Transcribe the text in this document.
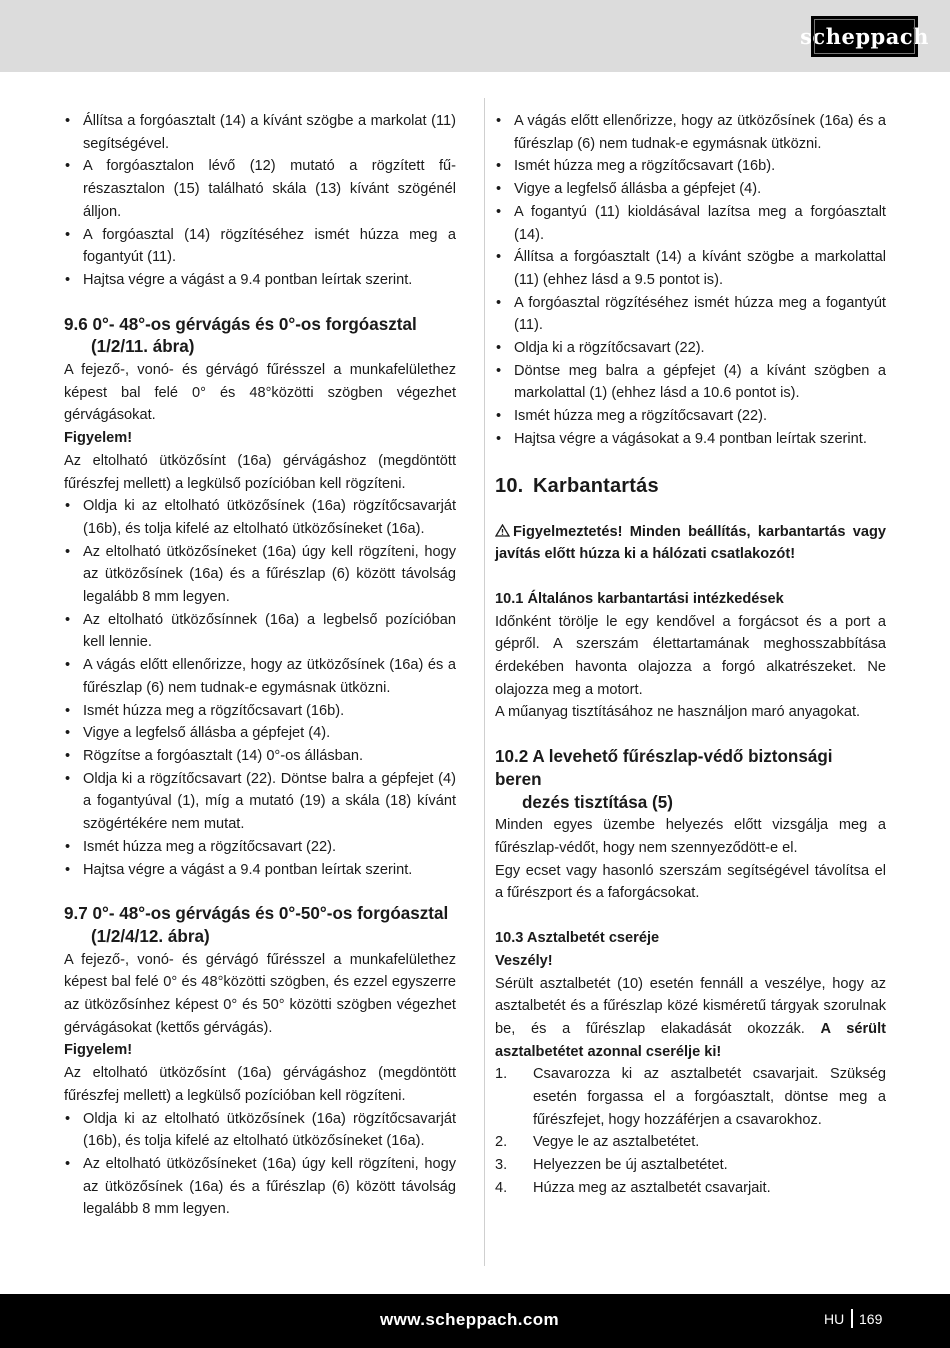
scheppach
• Állítsa a forgóasztalt (14) a kívánt szögbe a markolat (11) segítségével.
• A forgóasztalon lévő (12) mutató a rögzített fűrészasztalon (15) található skála (13) kívánt szögénél álljon.
• A forgóasztal (14) rögzítéséhez ismét húzza meg a fogantyút (11).
• Hajtsa végre a vágást a 9.4 pontban leírtak szerint.
9.6 0°- 48°-os gérvágás és 0°-os forgóasztal
(1/2/11. ábra)

A fejező-, vonó- és gérvágó fűrésszel a munkafelülethez képest bal felé 0° és 48°közötti szögben végezhet gérvágásokat.

Figyelem!

Az eltolható ütközősínt (16a) gérvágáshoz (megdöntött fűrészfej mellett) a legkülső pozícióban kell rögzíteni.

• Oldja ki az eltolható ütközősínek (16a) rögzítőcsavarját (16b), és tolja kifelé az eltolható ütközősíneket (16a).
• Az eltolható ütközősíneket (16a) úgy kell rögzíteni, hogy az ütközősínek (16a) és a fűrészlap (6) között távolság legalább 8 mm legyen.
• Az eltolható ütközősínnek (16a) a legbelső pozícióban kell lennie.
• A vágás előtt ellenőrizze, hogy az ütközősínek (16a) és a fűrészlap (6) nem tudnak-e egymásnak ütközni.
• Ismét húzza meg a rögzítőcsavart (16b).
• Vigye a legfelső állásba a gépfejet (4).
• Rögzítse a forgóasztalt (14) 0°-os állásban.
• Oldja ki a rögzítőcsavart (22). Döntse balra a gépfejet (4) a fogantyúval (1), míg a mutató (19) a skála (18) kívánt szögértékére nem mutat.
• Ismét húzza meg a rögzítőcsavart (22).
• Hajtsa végre a vágást a 9.4 pontban leírtak szerint.
9.7 0°- 48°-os gérvágás és 0°-50°-os forgóasztal
(1/2/4/12. ábra)

A fejező-, vonó- és gérvágó fűrésszel a munkafelülethez képest bal felé 0° és 48°közötti szögben, és ezzel egyszerre az ütközősínhez képest 0° és 50° közötti szögben végezhet gérvágásokat (kettős gérvágás).

Figyelem!

Az eltolható ütközősínt (16a) gérvágáshoz (megdöntött fűrészfej mellett) a legkülső pozícióban kell rögzíteni.

• Oldja ki az eltolható ütközősínek (16a) rögzítőcsavarját (16b), és tolja kifelé az eltolható ütközősíneket (16a).
• Az eltolható ütközősíneket (16a) úgy kell rögzíteni, hogy az ütközősínek (16a) és a fűrészlap (6) között távolság legalább 8 mm legyen.
• A vágás előtt ellenőrizze, hogy az ütközősínek (16a) és a fűrészlap (6) nem tudnak-e egymásnak ütközni.
• Ismét húzza meg a rögzítőcsavart (16b).
• Vigye a legfelső állásba a gépfejet (4).
• A fogantyú (11) kioldásával lazítsa meg a forgóasztalt (14).
• Állítsa a forgóasztalt (14) a kívánt szögbe a markolattal (11) (ehhez lásd a 9.5 pontot is).
• A forgóasztal rögzítéséhez ismét húzza meg a fogantyút (11).
• Oldja ki a rögzítőcsavart (22).
• Döntse meg balra a gépfejet (4) a kívánt szögben a markolattal (1) (ehhez lásd a 10.6 pontot is).
• Ismét húzza meg a rögzítőcsavart (22).
• Hajtsa végre a vágásokat a 9.4 pontban leírtak szerint.
10. Karbantartás

Figyelmeztetés! Minden beállítás, karbantartás vagy javítás előtt húzza ki a hálózati csatlakozót!

10.1 Általános karbantartási intézkedések

Időnként törölje le egy kendővel a forgácsot és a port a gépről. A szerszám élettartamának meghosszabbítása érdekében havonta olajozza a forgó alkatrészeket. Ne olajozza meg a motort.

A műanyag tisztításához ne használjon maró anyagokat.

10.2 A levehető fűrészlap-védő biztonsági beren
dezés tisztítása (5)

Minden egyes üzembe helyezés előtt vizsgálja meg a fűrészlap-védőt, hogy nem szennyeződött-e el.

Egy ecset vagy hasonló szerszám segítségével távolítsa el a fűrészport és a faforgácsokat.

10.3 Asztalbetét cseréje

Veszély!

Sérült asztalbetét (10) esetén fennáll a veszélye, hogy az asztalbetét és a fűrészlap közé kisméretű tárgyak szorulnak be, és a fűrészlap elakadását okozzák. A sérült asztalbetétet azonnal cserélje ki!

1. Csavarozza ki az asztalbetét csavarjait. Szükség esetén forgassa el a forgóasztalt, döntse meg a fűrészfejet, hogy hozzáférjen a csavarokhoz.
2. Vegye le az asztalbetétet.
3. Helyezzen be új asztalbetétet.
4. Húzza meg az asztalbetét csavarjait.
www.scheppach.com	HU 169
